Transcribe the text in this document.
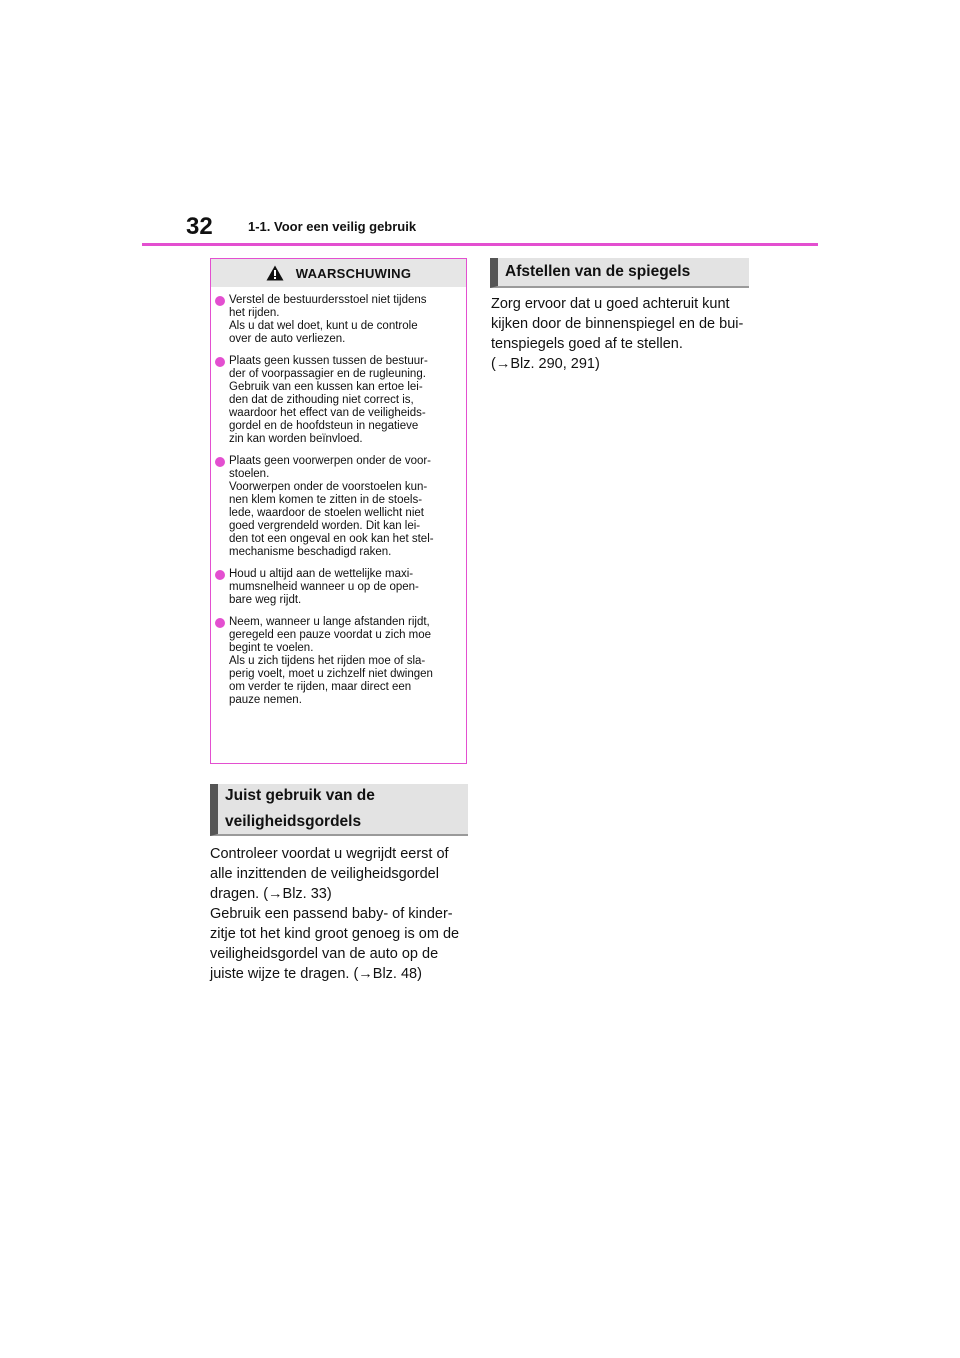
32	1-1. Voor een veilig gebruik
WAARSCHUWING
Verstel de bestuurdersstoel niet tijdens
het rijden.
Als u dat wel doet, kunt u de controle
over de auto verliezen.
Plaats geen kussen tussen de bestuur-
der of voorpassagier en de rugleuning.
Gebruik van een kussen kan ertoe lei-
den dat de zithouding niet correct is,
waardoor het effect van de veiligheids-
gordel en de hoofdsteun in negatieve
zin kan worden beïnvloed.
Plaats geen voorwerpen onder de voor-
stoelen.
Voorwerpen onder de voorstoelen kun-
nen klem komen te zitten in de stoels-
lede, waardoor de stoelen wellicht niet
goed vergrendeld worden. Dit kan lei-
den tot een ongeval en ook kan het stel-
mechanisme beschadigd raken.
Houd u altijd aan de wettelijke maxi-
mumsnelheid wanneer u op de open-
bare weg rijdt.
Neem, wanneer u lange afstanden rijdt,
geregeld een pauze voordat u zich moe
begint te voelen.
Als u zich tijdens het rijden moe of sla-
perig voelt, moet u zichzelf niet dwingen
om verder te rijden, maar direct een
pauze nemen.
Juist gebruik van de
veiligheidsgordels
Controleer voordat u wegrijdt eerst of
alle inzittenden de veiligheidsgordel
dragen. (→Blz. 33)
Gebruik een passend baby- of kinder-
zitje tot het kind groot genoeg is om de
veiligheidsgordel van de auto op de
juiste wijze te dragen. (→Blz. 48)
Afstellen van de spiegels
Zorg ervoor dat u goed achteruit kunt
kijken door de binnenspiegel en de bui-
tenspiegels goed af te stellen.
(→Blz. 290, 291)
